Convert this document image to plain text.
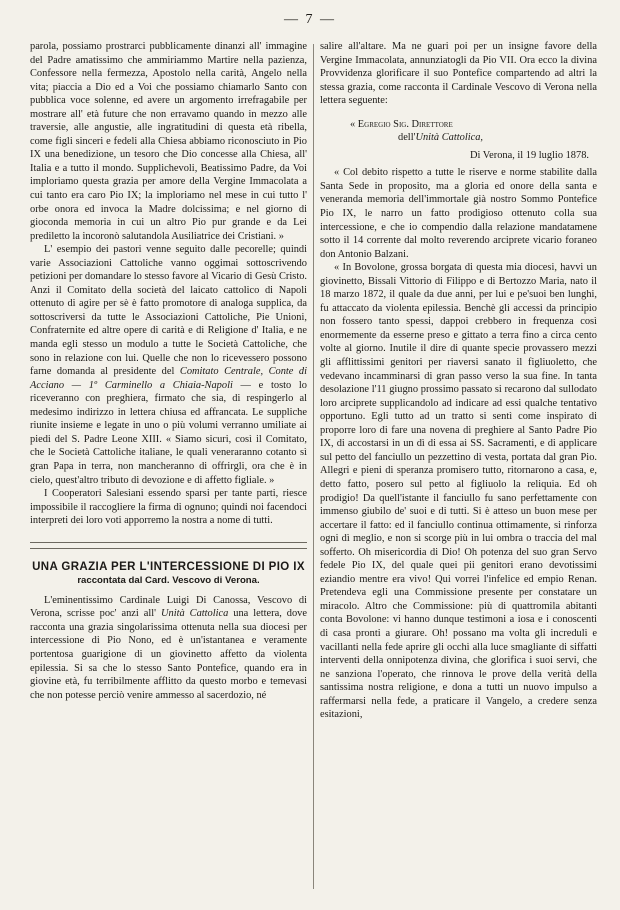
— 7 —

parola, possiamo prostrarci pubblicamente dinanzi all' immagine del Padre amatissimo che ammiriammo Martire nella pazienza, Confessore nella fermezza, Apostolo nella carità, Angelo nella vita; piaccia a Dio ed a Voi che possiamo chiamarlo Santo con pubblica voce solenne, ed avere un argomento irrefragabile per mostrare all' età future che non erravamo quando in mezzo alle traversie, alle angustie, alle ingratitudini di questa età ribella, come figli sinceri e fedeli alla Chiesa abbiamo riconosciuto in Pio IX una benedizione, un tesoro che Dio concesse alla Chiesa, all' Italia e a tutto il mondo. Supplichevoli, Beatissimo Padre, da Voi imploriamo questa grazia per amore della Vergine Immacolata a cui tanto era caro Pio IX; la imploriamo nel mese in cui tutto l' orbe onora ed invoca la Madre dolcissima; e nel giorno di gioconda memoria in cui un altro Pio pur grande e da Lei prediletto la incoronò salutandola Ausiliatrice dei Cristiani. »

L' esempio dei pastori venne seguito dalle pecorelle; quindi varie Associazioni Cattoliche vanno oggimai sottoscrivendo petizioni per domandare lo stesso favore al Vicario di Gesù Cristo. Anzi il Comitato della società del laicato cattolico di Napoli ottenuto di agire per sè è fatto promotore di analoga supplica, da sottoscriversi da tutte le Associazioni Cattoliche, Pie Unioni, Confraternite ed altre opere di carità e di Religione d' Italia, e ne manda egli stesso un modulo a tutte le Società Cattoliche, che sono in relazione con lui. Quelle che non lo ricevessero possono farne domanda al presidente del Comitato Centrale, Conte di Acciano — 1º Carminello a Chiaia-Napoli — e tosto lo riceveranno con preghiera, firmato che sia, di respingerlo al medesimo indirizzo in lettera chiusa ed affrancata. Le suppliche riunite insieme e legate in uno o più volumi verranno umiliate ai piedi del S. Padre Leone XIII. « Siamo sicuri, così il Comitato, che le Società Cattoliche italiane, le quali veneraranno cotanto sì gran Papa in terra, non mancheranno di offrirgli, ora che è in cielo, quest'altro tributo di devozione e di affetto figliale. »

I Cooperatori Salesiani essendo sparsi per tante parti, riesce impossibile il raccogliere la firma di ognuno; quindi noi facendoci interpreti dei loro voti apporremo la nostra a nome di tutti.

UNA GRAZIA PER L'INTERCESSIONE DI PIO IX
raccontata dal Card. Vescovo di Verona.

L'eminentissimo Cardinale Luigi Di Canossa, Vescovo di Verona, scrisse poc' anzi all' Unità Cattolica una lettera, dove racconta una grazia singolarissima ottenuta nella sua diocesi per intercessione di Pio Nono, ed è un'istantanea e veramente portentosa guarigione di un giovinetto affetto da violenta epilessia. Si sa che lo stesso Santo Pontefice, quando era in giovine età, fu terribilmente afflitto da questo morbo e temevasi che non potesse perciò venire ammesso al sacerdozio, né

salire all'altare. Ma ne guari poi per un insigne favore della Vergine Immacolata, annunziatogli da Pio VII. Ora ecco la divina Provvidenza glorificare il suo Pontefice compartendo ad altri la stessa grazia, come racconta il Cardinale Vescovo di Verona nella lettera seguente:

« Egregio Sig. Direttore

dell'Unità Cattolica,

Di Verona, il 19 luglio 1878.

« Col debito rispetto a tutte le riserve e norme stabilite dalla Santa Sede in proposito, ma a gloria ed onore della santa e veneranda memoria dell'immortale già nostro Sommo Pontefice Pio IX, le narro un fatto prodigioso ottenuto colla sua intercessione, e che io compendio dalla relazione mandatamene sotto il 14 corrente dal molto reverendo arciprete vicario foraneo don Antonio Balzani.

« In Bovolone, grossa borgata di questa mia diocesi, havvi un giovinetto, Bissali Vittorio di Filippo e di Bertozzo Maria, nato il 18 marzo 1872, il quale da due anni, per lui e pe'suoi ben lunghi, fu attaccato da violenta epilessia. Benchè gli accessi da principio non fossero tanto spessi, dappoi crebbero in frequenza così enormemente da esserne preso e gittato a terra fino a circa cento volte al giorno. Inutile il dire di quante specie provassero mezzi gli afflittissimi genitori per riaversi sanato il figliuoletto, che vedevano incamminarsi di gran passo verso la sua fine. In tanta desolazione l'11 giugno prossimo passato si recarono dal sullodato loro arciprete supplicandolo ad indicare ad essi qualche tentativo opportuno. Egli tutto ad un tratto si sentì come inspirato di proporre loro di fare una novena di preghiere al Santo Padre Pio IX, di accostarsi in un dì di essa ai SS. Sacramenti, e di applicare sul petto del fanciullo un pezzettino di vesta, portata dal gran Pio. Allegri e pieni di speranza promisero tutto, ritornarono a casa, e, detto fatto, posero sul petto al figliuolo la reliquia. Ed oh prodigio! Da quell'istante il fanciullo fu sano perfettamente con immenso giubilo de' suoi e di tutti. Si è atteso un buon mese per accertare il fatto: ed il fanciullo continua ottimamente, si rinforza ogni dì meglio, e non si scorge più in lui ombra o traccia del mal sofferto. Oh misericordia di Dio! Oh potenza del suo gran Servo fedele Pio IX, del quale quei pii genitori erano devotissimi eziandio mentre era vivo! Qui vorrei l'infelice ed empio Renan. Pretendeva egli una Commissione presente per constatare un miracolo. Altro che Commissione: più di quattromila abitanti conta Bovolone: vi hanno dunque testimoni a iosa e i conoscenti di casa pronti a giurare. Oh! possano ma volta gli increduli e vacillanti nella fede aprire gli occhi alla luce smagliante di siffatti interventi della onnipotenza divina, che glorifica i suoi servi, che ne sanziona l'operato, che rinnova le prove della verità della santissima nostra religione, e dona a tutti un nuovo impulso a raffermarsi nella fede, a praticare il Vangelo, a credere senza esitazioni,
